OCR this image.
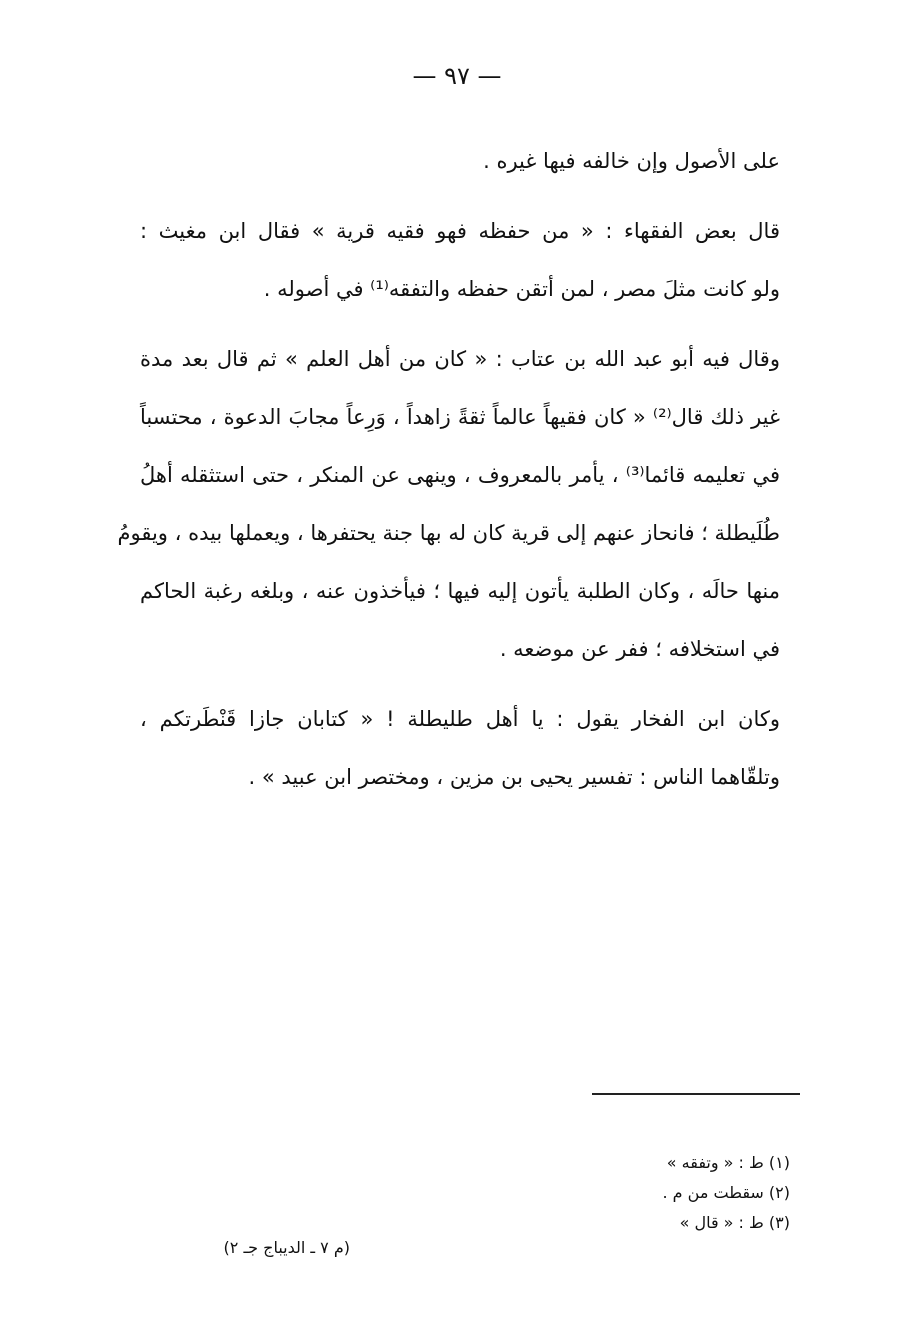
— ٩٧ —
على الأصول وإن خالفه فيها غيره .
قال بعض الفقهاء : « من حفظه فهو فقيه قرية » فقال ابن مغيث :
ولو كانت مثلَ مصر ، لمن أتقن حفظه والتفقه⁽¹⁾ في أصوله .
وقال فيه أبو عبد الله بن عتاب : « كان من أهل العلم » ثم قال بعد مدة
غير ذلك قال⁽²⁾ « كان فقيهاً عالماً ثقةً زاهداً ، وَرِعاً مجابَ الدعوة ، محتسباً
في تعليمه قائما⁽³⁾ ، يأمر بالمعروف ، وينهى عن المنكر ، حتى استثقله أهلُ
طُلَيطلة ؛ فانحاز عنهم إلى قرية كان له بها جنة يحتفرها ، ويعملها بيده ، ويقومُ
منها حالَه ، وكان الطلبة يأتون إليه فيها ؛ فيأخذون عنه ، وبلغه رغبة الحاكم
في استخلافه ؛ ففر عن موضعه .
وكان ابن الفخار يقول : يا أهل طليطلة ! « كتابان جازا قَنْطَرتكم ،
وتلقّاهما الناس : تفسير يحيى بن مزين ، ومختصر ابن عبيد » .
(١) ط : « وتفقه »
(٢) سقطت من م .
(٣) ط : « قال »
(م ٧ ـ الديباج جـ ٢)
